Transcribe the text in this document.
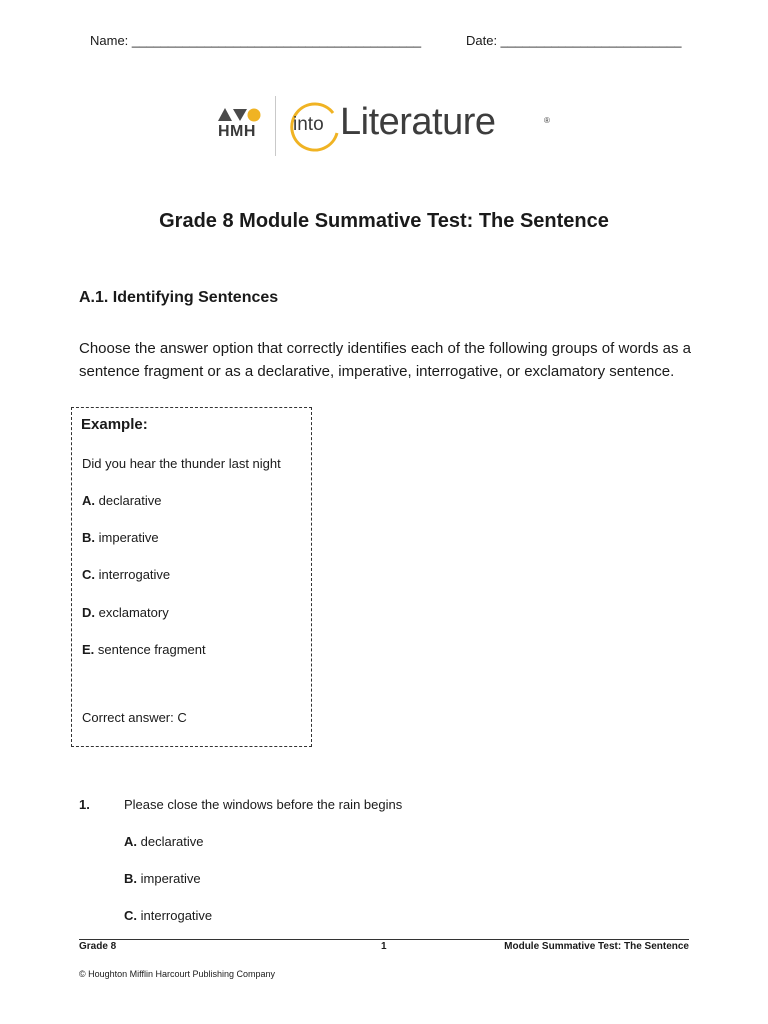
Name: ________________________________________	Date: _________________________
HMH into Literature	®
Grade 8 Module Summative Test: The Sentence
A.1. Identifying Sentences
Choose the answer option that correctly identifies each of the following groups of words as a sentence fragment or as a declarative, imperative, interrogative, or exclamatory sentence.
Example:
Did you hear the thunder last night
A. declarative
B. imperative
C. interrogative
D. exclamatory
E. sentence fragment
Correct answer: C
1.	Please close the windows before the rain begins
A. declarative
B. imperative
C. interrogative
Grade 8	1	Module Summative Test: The Sentence
© Houghton Mifflin Harcourt Publishing Company
